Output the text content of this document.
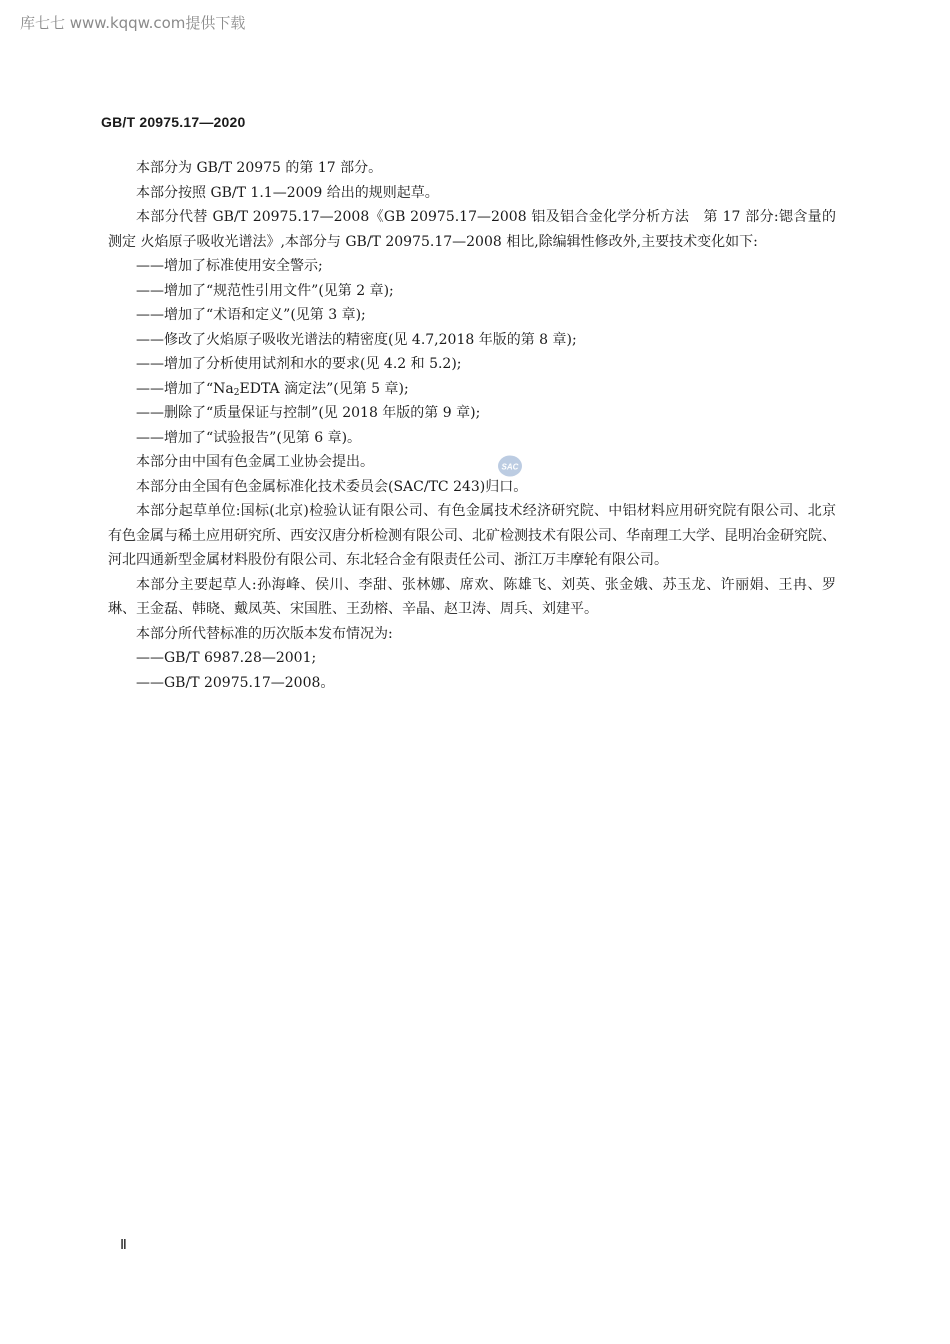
库七七 www.kqqw.com提供下载
GB/T 20975.17—2020

本部分为 GB/T 20975 的第 17 部分。

本部分按照 GB/T 1.1—2009 给出的规则起草。

本部分代替 GB/T 20975.17—2008《GB 20975.17—2008 铝及铝合金化学分析方法　第 17 部分:锶含量的测定 火焰原子吸收光谱法》,本部分与 GB/T 20975.17—2008 相比,除编辑性修改外,主要技术变化如下:

——增加了标准使用安全警示;

——增加了“规范性引用文件”(见第 2 章);

——增加了“术语和定义”(见第 3 章);

——修改了火焰原子吸收光谱法的精密度(见 4.7,2018 年版的第 8 章);

——增加了分析使用试剂和水的要求(见 4.2 和 5.2);

——增加了“$Na_2EDTA$ 滴定法”(见第 5 章);

——删除了“质量保证与控制”(见 2018 年版的第 9 章);

——增加了“试验报告”(见第 6 章)。

本部分由中国有色金属工业协会提出。

本部分由全国有色金属标准化技术委员会(SAC/TC 243)归口。

本部分起草单位:国标(北京)检验认证有限公司、有色金属技术经济研究院、中铝材料应用研究院有限公司、北京有色金属与稀土应用研究所、西安汉唐分析检测有限公司、北矿检测技术有限公司、华南理工大学、昆明冶金研究院、河北四通新型金属材料股份有限公司、东北轻合金有限责任公司、浙江万丰摩轮有限公司。

本部分主要起草人:孙海峰、侯川、李甜、张林娜、席欢、陈雄飞、刘英、张金娥、苏玉龙、许丽娟、王冉、罗琳、王金磊、韩晓、戴凤英、宋国胜、王劲榕、辛晶、赵卫涛、周兵、刘建平。

本部分所代替标准的历次版本发布情况为:

——GB/T 6987.28—2001;

——GB/T 20975.17—2008。

SAC
Ⅱ
